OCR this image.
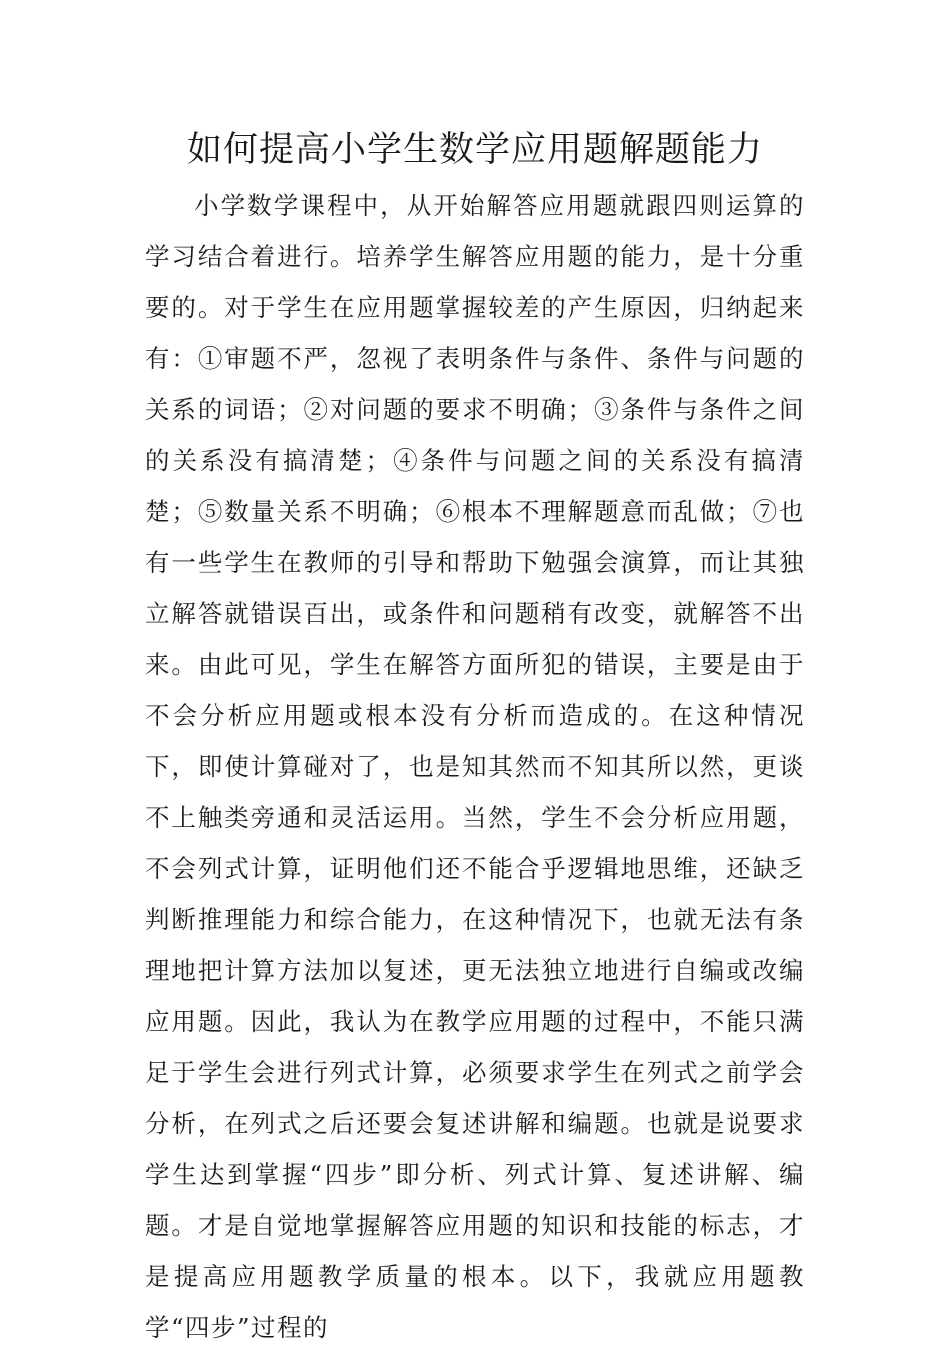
如何提高小学生数学应用题解题能力

小学数学课程中，从开始解答应用题就跟四则运算的学习结合着进行。培养学生解答应用题的能力，是十分重要的。对于学生在应用题掌握较差的产生原因，归纳起来有：①审题不严，忽视了表明条件与条件、条件与问题的关系的词语；②对问题的要求不明确；③条件与条件之间的关系没有搞清楚；④条件与问题之间的关系没有搞清楚；⑤数量关系不明确；⑥根本不理解题意而乱做；⑦也有一些学生在教师的引导和帮助下勉强会演算，而让其独立解答就错误百出，或条件和问题稍有改变，就解答不出来。由此可见，学生在解答方面所犯的错误，主要是由于不会分析应用题或根本没有分析而造成的。在这种情况下，即使计算碰对了，也是知其然而不知其所以然，更谈不上触类旁通和灵活运用。当然，学生不会分析应用题，不会列式计算，证明他们还不能合乎逻辑地思维，还缺乏判断推理能力和综合能力，在这种情况下，也就无法有条理地把计算方法加以复述，更无法独立地进行自编或改编应用题。因此，我认为在教学应用题的过程中，不能只满足于学生会进行列式计算，必须要求学生在列式之前学会分析，在列式之后还要会复述讲解和编题。也就是说要求学生达到掌握“四步”即分析、列式计算、复述讲解、编题。才是自觉地掌握解答应用题的知识和技能的标志，才是提高应用题教学质量的根本。以下，我就应用题教学“四步”过程的
